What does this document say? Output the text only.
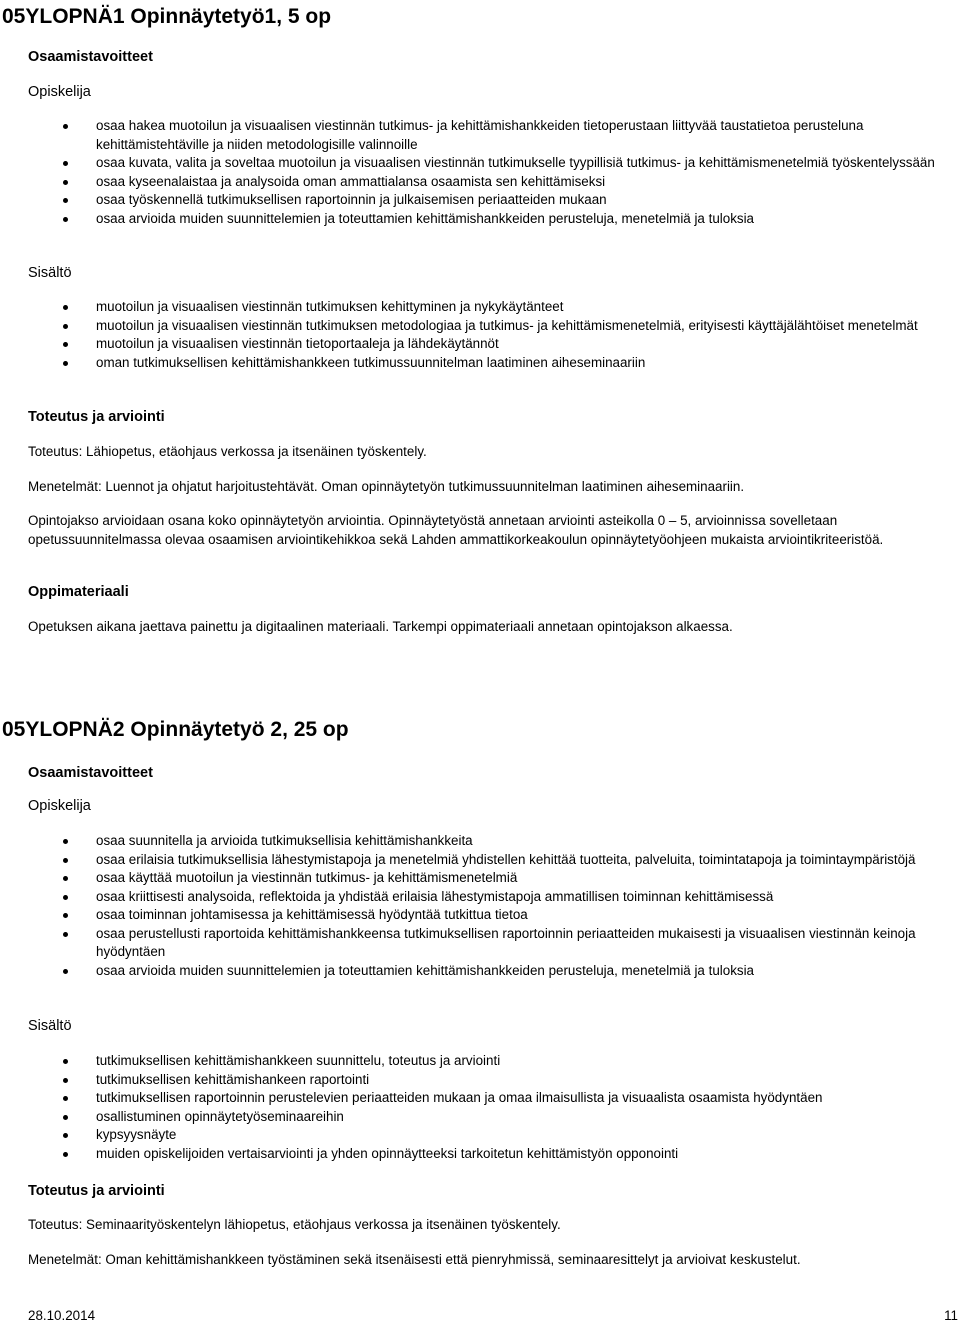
05YLOPNÄ1 Opinnäytetyö1, 5 op
Osaamistavoitteet
Opiskelija
osaa hakea muotoilun ja visuaalisen viestinnän tutkimus- ja kehittämishankkeiden tietoperustaan liittyvää taustatietoa perusteluna kehittämistehtäville ja niiden metodologisille valinnoille
osaa kuvata, valita ja soveltaa muotoilun ja visuaalisen viestinnän tutkimukselle tyypillisiä tutkimus- ja kehittämismenetelmiä työskentelyssään
osaa kyseenalaistaa ja analysoida oman ammattialansa osaamista sen kehittämiseksi
osaa työskennellä tutkimuksellisen raportoinnin ja julkaisemisen periaatteiden mukaan
osaa arvioida muiden suunnittelemien ja toteuttamien kehittämishankkeiden perusteluja, menetelmiä ja tuloksia
Sisältö
muotoilun ja visuaalisen viestinnän tutkimuksen kehittyminen ja nykykäytänteet
muotoilun ja visuaalisen viestinnän tutkimuksen metodologiaa ja tutkimus- ja kehittämismenetelmiä, erityisesti käyttäjälähtöiset menetelmät
muotoilun ja visuaalisen viestinnän tietoportaaleja ja lähdekäytännöt
oman tutkimuksellisen kehittämishankkeen tutkimussuunnitelman laatiminen aiheseminaariin
Toteutus ja arviointi

Toteutus: Lähiopetus, etäohjaus verkossa ja itsenäinen työskentely.

Menetelmät: Luennot ja ohjatut harjoitustehtävät. Oman opinnäytetyön tutkimussuunnitelman laatiminen aiheseminaariin.

Opintojakso arvioidaan osana koko opinnäytetyön arviointia. Opinnäytetyöstä annetaan arviointi asteikolla 0 – 5, arvioinnissa sovelletaan opetussuunnitelmassa olevaa osaamisen arviointikehikkoa sekä Lahden ammattikorkeakoulun opinnäytetyöohjeen mukaista arviointikriteeristöä.

Oppimateriaali

Opetuksen aikana jaettava painettu ja digitaalinen materiaali. Tarkempi oppimateriaali annetaan opintojakson alkaessa.

05YLOPNÄ2 Opinnäytetyö 2, 25 op
Osaamistavoitteet
Opiskelija
osaa suunnitella ja arvioida tutkimuksellisia kehittämishankkeita
osaa erilaisia tutkimuksellisia lähestymistapoja ja menetelmiä yhdistellen kehittää tuotteita, palveluita, toimintatapoja ja toimintaympäristöjä
osaa käyttää muotoilun ja viestinnän tutkimus- ja kehittämismenetelmiä
osaa kriittisesti analysoida, reflektoida ja yhdistää erilaisia lähestymistapoja ammatillisen toiminnan kehittämisessä
osaa toiminnan johtamisessa ja kehittämisessä hyödyntää tutkittua tietoa
osaa perustellusti raportoida kehittämishankkeensa tutkimuksellisen raportoinnin periaatteiden mukaisesti ja visuaalisen viestinnän keinoja hyödyntäen
osaa arvioida muiden suunnittelemien ja toteuttamien kehittämishankkeiden perusteluja, menetelmiä ja tuloksia
Sisältö
tutkimuksellisen kehittämishankkeen suunnittelu, toteutus ja arviointi
tutkimuksellisen kehittämishankeen raportointi
tutkimuksellisen raportoinnin perustelevien periaatteiden mukaan ja omaa ilmaisullista ja visuaalista osaamista hyödyntäen
osallistuminen opinnäytetyöseminaareihin
kypsyysnäyte
muiden opiskelijoiden vertaisarviointi ja yhden opinnäytteeksi tarkoitetun kehittämistyön opponointi
Toteutus ja arviointi

Toteutus: Seminaarityöskentelyn lähiopetus, etäohjaus verkossa ja itsenäinen työskentely.

Menetelmät: Oman kehittämishankkeen työstäminen sekä itsenäisesti että pienryhmissä, seminaaresittelyt ja arvioivat keskustelut.

28.10.2014	11
